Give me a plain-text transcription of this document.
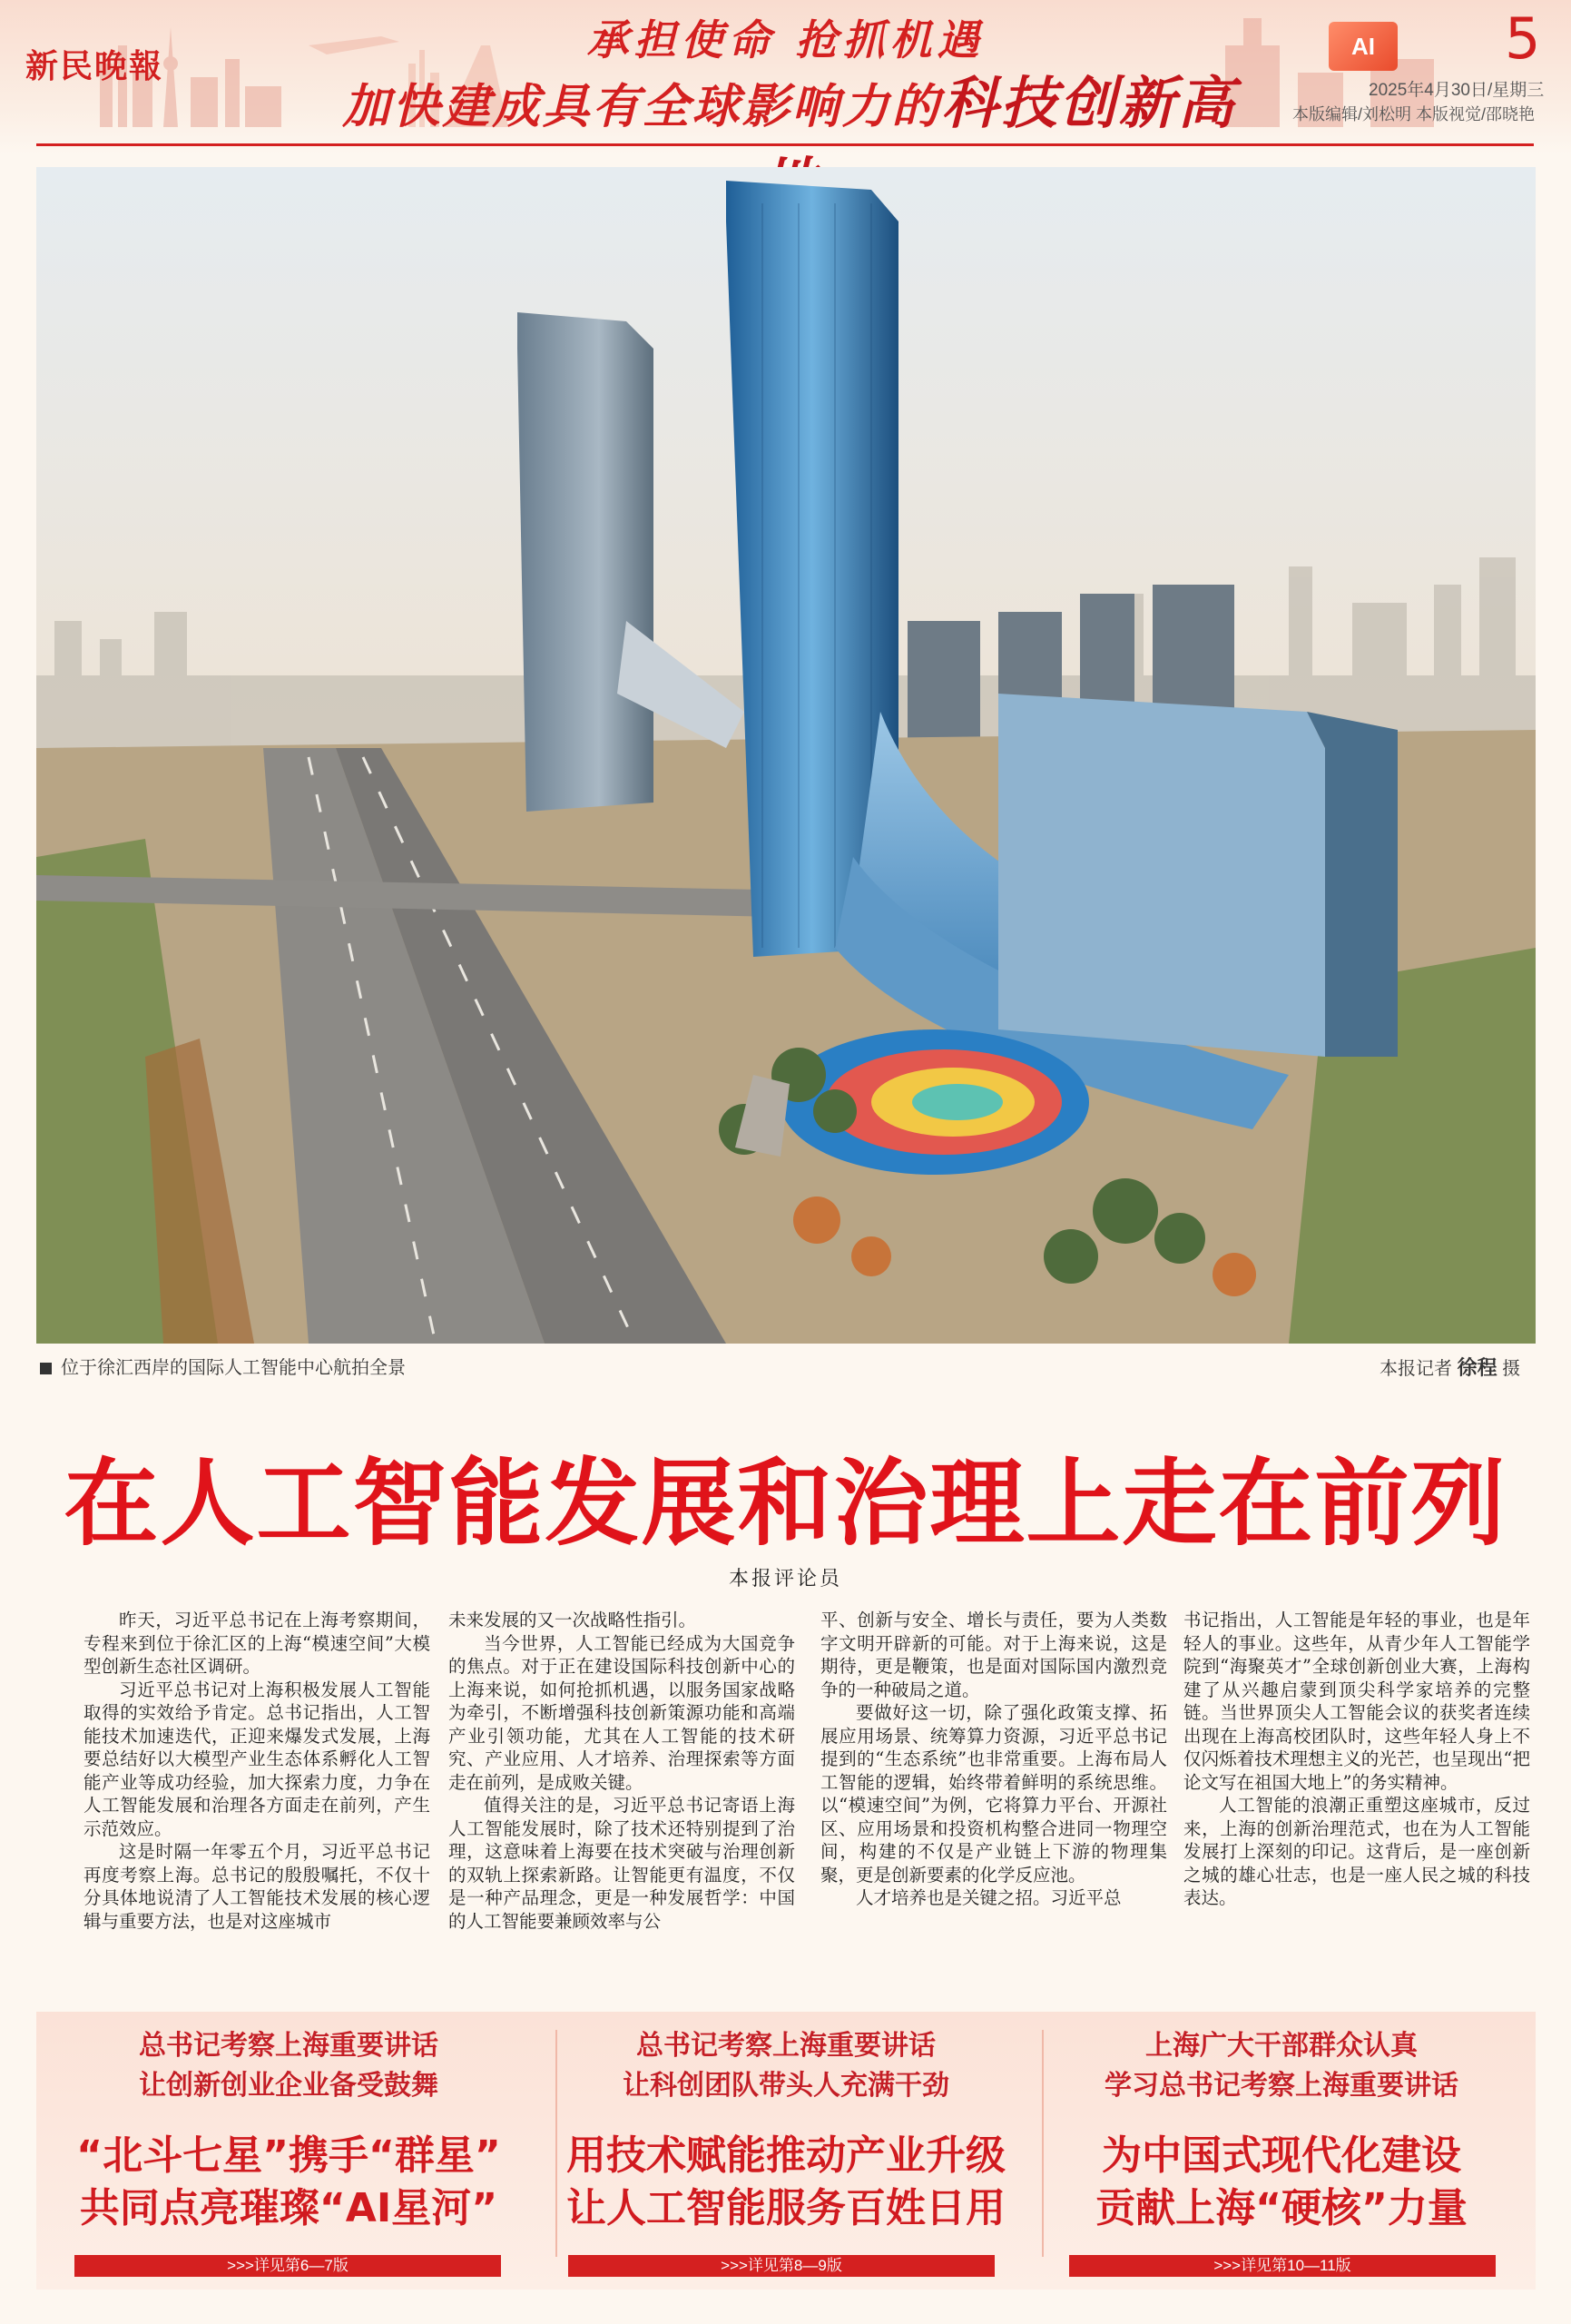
新民晚報
承担使命 抢抓机遇
加快建成具有全球影响力的科技创新高
AI	5
2025年4月30日/星期三
本版编辑/刘松明 本版视觉/邵晓艳
位于徐汇西岸的国际人工智能中心航拍全景	本报记者 徐程 摄
在人工智能发展和治理上走在前列
本报评论员

昨天，习近平总书记在上海考察期间，专程来到位于徐汇区的上海“模速空间”大模型创新生态社区调研。

习近平总书记对上海积极发展人工智能取得的实效给予肯定。总书记指出，人工智能技术加速迭代，正迎来爆发式发展，上海要总结好以大模型产业生态体系孵化人工智能产业等成功经验，加大探索力度，力争在人工智能发展和治理各方面走在前列，产生示范效应。

这是时隔一年零五个月，习近平总书记再度考察上海。总书记的殷殷嘱托，不仅十分具体地说清了人工智能技术发展的核心逻辑与重要方法，也是对这座城市

未来发展的又一次战略性指引。

当今世界，人工智能已经成为大国竞争的焦点。对于正在建设国际科技创新中心的上海来说，如何抢抓机遇，以服务国家战略为牵引，不断增强科技创新策源功能和高端产业引领功能，尤其在人工智能的技术研究、产业应用、人才培养、治理探索等方面走在前列，是成败关键。

值得关注的是，习近平总书记寄语上海人工智能发展时，除了技术还特别提到了治理，这意味着上海要在技术突破与治理创新的双轨上探索新路。让智能更有温度，不仅是一种产品理念，更是一种发展哲学：中国的人工智能要兼顾效率与公

平、创新与安全、增长与责任，要为人类数字文明开辟新的可能。对于上海来说，这是期待，更是鞭策，也是面对国际国内激烈竞争的一种破局之道。

要做好这一切，除了强化政策支撑、拓展应用场景、统筹算力资源，习近平总书记提到的“生态系统”也非常重要。上海布局人工智能的逻辑，始终带着鲜明的系统思维。以“模速空间”为例，它将算力平台、开源社区、应用场景和投资机构整合进同一物理空间，构建的不仅是产业链上下游的物理集聚，更是创新要素的化学反应池。

人才培养也是关键之招。习近平总

书记指出，人工智能是年轻的事业，也是年轻人的事业。这些年，从青少年人工智能学院到“海聚英才”全球创新创业大赛，上海构建了从兴趣启蒙到顶尖科学家培养的完整链。当世界顶尖人工智能会议的获奖者连续出现在上海高校团队时，这些年轻人身上不仅闪烁着技术理想主义的光芒，也呈现出“把论文写在祖国大地上”的务实精神。

人工智能的浪潮正重塑这座城市，反过来，上海的创新治理范式，也在为人工智能发展打上深刻的印记。这背后，是一座创新之城的雄心壮志，也是一座人民之城的科技表达。

总书记考察上海重要讲话
让创新创业企业备受鼓舞
“北斗七星”携手“群星”
共同点亮璀璨“AI星河”
总书记考察上海重要讲话
让科创团队带头人充满干劲
用技术赋能推动产业升级
让人工智能服务百姓日用
上海广大干部群众认真
学习总书记考察上海重要讲话
为中国式现代化建设
贡献上海“硬核”力量
>>>详见第6—7版	>>>详见第8—9版	>>>详见第10—11版
